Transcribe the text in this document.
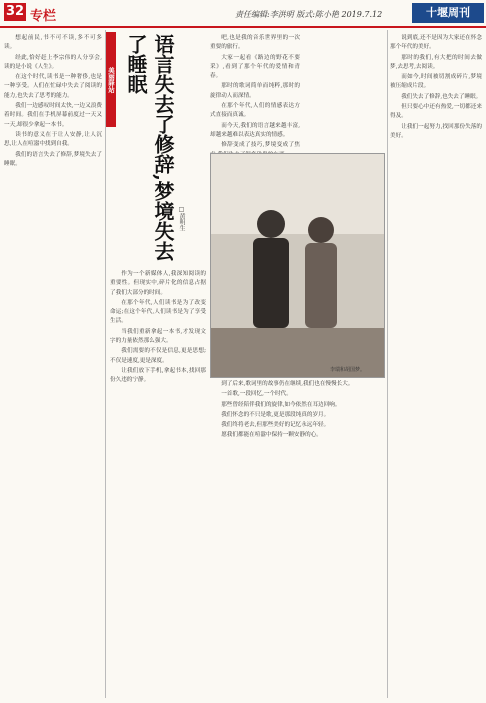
32 专栏	责任编辑:李洪明 版式:陈小艳 2019.7.12	十堰周刊
美丽驿站	语言失去了修辞,梦境失去了睡眠
□黄明生

想起前民,书不可不读,多不可多读。

经此,恰好赶上李宗伟的人分享会,读的是小说《人生》。

在这个时代,读书是一种奢侈,也是一种享受。人们在忙碌中失去了阅读的能力,也失去了思考的能力。

我们一边感叹时间太快,一边又浪费着时间。我们在手机屏幕前度过一天又一天,却很少拿起一本书。

读书的意义在于让人安静,让人沉思,让人在喧嚣中找到自我。

我们的语言失去了修辞,梦境失去了睡眠。

作为一个新媒体人,我深知阅读的重要性。但现实中,碎片化的信息占据了我们大部分的时间。

在那个年代,人们读书是为了改变命运;在这个年代,人们读书是为了享受生活。

当我们重新拿起一本书,才发现文字的力量依然那么强大。

我们需要的不仅是信息,更是思想;不仅是速度,更是深度。

让我们放下手机,拿起书本,找回那份久违的宁静。

吧,也是我的音乐世界里的一次重要的旅行。

大家一起看《路边的野花不要采》,看到了那个年代的爱情和青春。

那时的歌词简单而纯粹,那时的旋律动人而深情。

在那个年代,人们的情感表达方式直接而真诚。

而今天,我们的语言越来越丰富,却越来越难以表达真实的情感。

修辞变成了技巧,梦境变成了焦

到了后来,歌词里的故事仍在继续,我们也在慢慢长大。

一首歌,一段回忆,一个时代。

那些曾经陪伴我们的旋律,如今依然在耳边回响。

我们怀念的不只是歌,更是那段纯真的岁月。

我们终将老去,但那些美好的记忆永远年轻。

愿我们都能在喧嚣中保持一颗安静的心。

说到底,还不是因为大家还在怀念那个年代的美好。

那时的我们,有大把的时间去做梦,去思考,去阅读。

而如今,时间被切割成碎片,梦境被压缩成片段。

我们失去了修辞,也失去了睡眠。

但只要心中还有热爱,一切都还来得及。

让我们一起努力,找回那份失落的美好。

李瑞和胡国梦。
